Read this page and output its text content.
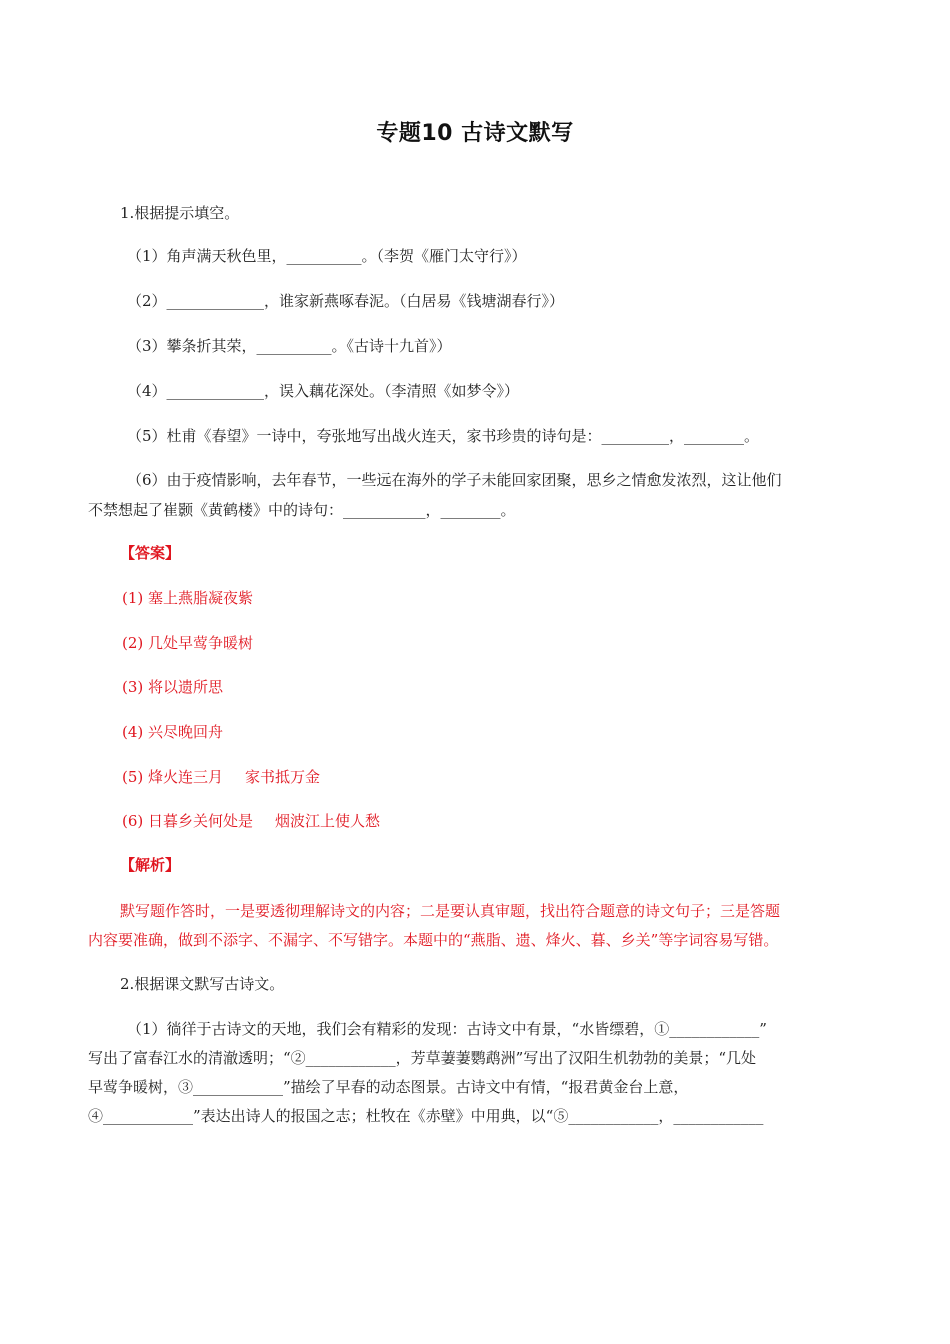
专题10 古诗文默写
1.根据提示填空。
（1）角声满天秋色里，__________。（李贺《雁门太守行》）
（2）_____________，谁家新燕啄春泥。（白居易《钱塘湖春行》）
（3）攀条折其荣，__________。《古诗十九首》）
（4）_____________，误入藕花深处。（李清照《如梦令》）
（5）杜甫《春望》一诗中，夸张地写出战火连天，家书珍贵的诗句是：_________，________。
（6）由于疫情影响，去年春节，一些远在海外的学子未能回家团聚，思乡之情愈发浓烈，这让他们
不禁想起了崔颢《黄鹤楼》中的诗句：___________，________。
【答案】
(1) 塞上燕脂凝夜紫
(2) 几处早莺争暖树
(3) 将以遗所思
(4) 兴尽晚回舟
(5) 烽火连三月 家书抵万金
(6) 日暮乡关何处是 烟波江上使人愁
【解析】
默写题作答时，一是要透彻理解诗文的内容；二是要认真审题，找出符合题意的诗文句子；三是答题
内容要准确，做到不添字、不漏字、不写错字。本题中的“燕脂、遗、烽火、暮、乡关”等字词容易写错。
2.根据课文默写古诗文。
（1）徜徉于古诗文的天地，我们会有精彩的发现：古诗文中有景，“水皆缥碧，①____________”
写出了富春江水的清澈透明；“②____________，芳草萋萋鹦鹉洲”写出了汉阳生机勃勃的美景；“几处
早莺争暖树，③____________”描绘了早春的动态图景。古诗文中有情，“报君黄金台上意，
④____________”表达出诗人的报国之志；杜牧在《赤壁》中用典，以“⑤____________，____________
